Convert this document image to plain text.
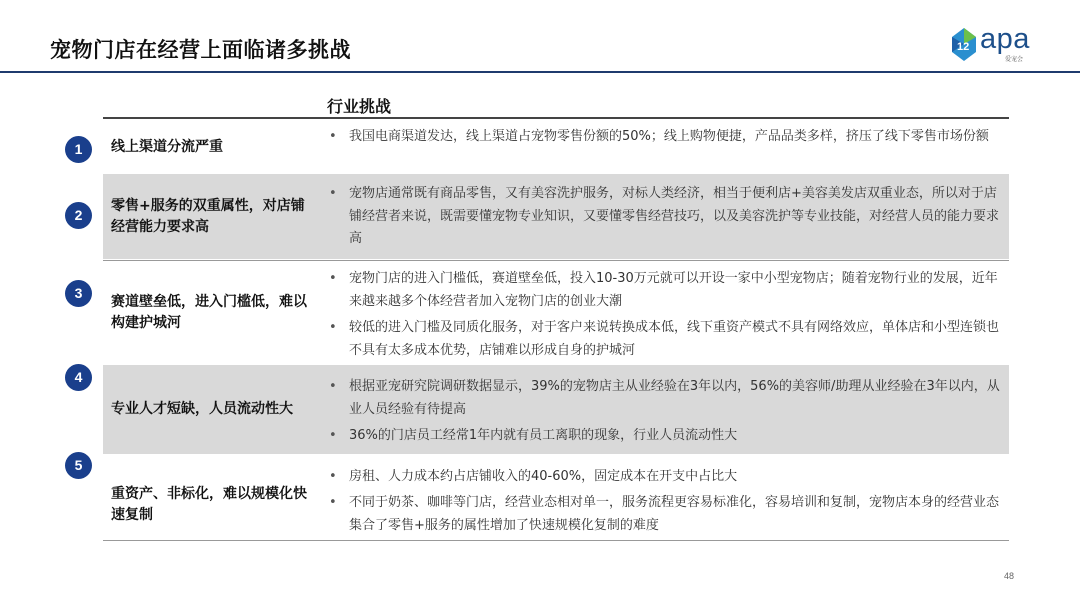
宠物门店在经营上面临诸多挑战	12 apa
爱宠会
行业挑战
1	线上渠道分流严重
• 我国电商渠道发达，线上渠道占宠物零售份额的50%；线上购物便捷，产品品类多样，挤压了线下零售市场份额
2
零售+服务的双重属性，对店铺经营能力要求高
• 宠物店通常既有商品零售，又有美容洗护服务，对标人类经济，相当于便利店+美容美发店双重业态，所以对于店铺经营者来说，既需要懂宠物专业知识，又要懂零售经营技巧，以及美容洗护等专业技能，对经营人员的能力要求高
3
赛道壁垒低，进入门槛低，难以构建护城河
• 宠物门店的进入门槛低，赛道壁垒低，投入10-30万元就可以开设一家中小型宠物店；随着宠物行业的发展，近年来越来越多个体经营者加入宠物门店的创业大潮
• 较低的进入门槛及同质化服务，对于客户来说转换成本低，线下重资产模式不具有网络效应，单体店和小型连锁也不具有太多成本优势，店铺难以形成自身的护城河
4
专业人才短缺，人员流动性大
• 根据亚宠研究院调研数据显示，39%的宠物店主从业经验在3年以内，56%的美容师/助理从业经验在3年以内，从业人员经验有待提高
• 36%的门店员工经常1年内就有员工离职的现象，行业人员流动性大
5
重资产、非标化，难以规模化快速复制
• 房租、人力成本约占店铺收入的40-60%，固定成本在开支中占比大
• 不同于奶茶、咖啡等门店，经营业态相对单一，服务流程更容易标准化，容易培训和复制，宠物店本身的经营业态集合了零售+服务的属性增加了快速规模化复制的难度
48
